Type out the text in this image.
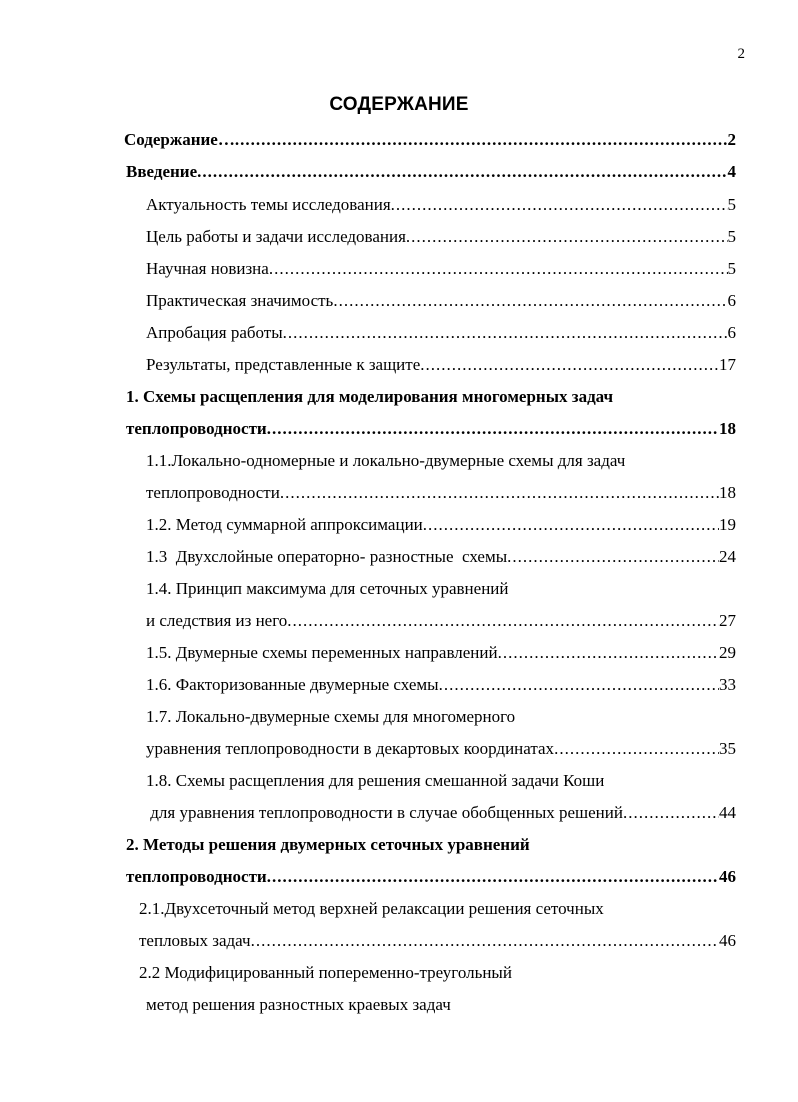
2
СОДЕРЖАНИЕ
Содержание… .....	2
Введение .....	4
Актуальность темы исследования .....	5
Цель работы и задачи исследования .....	5
Научная новизна .....	5
Практическая значимость .....	6
Апробация работы .....	6
Результаты, представленные к защите .....	17
1. Схемы расщепления для моделирования многомерных задач
теплопроводности .....	18
1.1.Локально-одномерные и локально-двумерные схемы для задач
теплопроводности .....	18
1.2. Метод суммарной аппроксимации .....	19
1.3  Двухслойные операторно- разностные  схемы .....	24
1.4. Принцип максимума для сеточных уравнений
и следствия из него .....	27
1.5. Двумерные схемы переменных направлений .....	29
1.6. Факторизованные двумерные схемы .....	33
1.7. Локально-двумерные схемы для многомерного
уравнения теплопроводности в декартовых координатах .....	35
1.8. Схемы расщепления для решения смешанной задачи Коши
для уравнения теплопроводности в случае обобщенных решений .....	44
2. Методы решения двумерных сеточных уравнений
теплопроводности .....	46
2.1.Двухсеточный метод верхней релаксации решения сеточных
тепловых задач .....	46
2.2 Модифицированный попеременно-треугольный
метод решения разностных краевых задач
